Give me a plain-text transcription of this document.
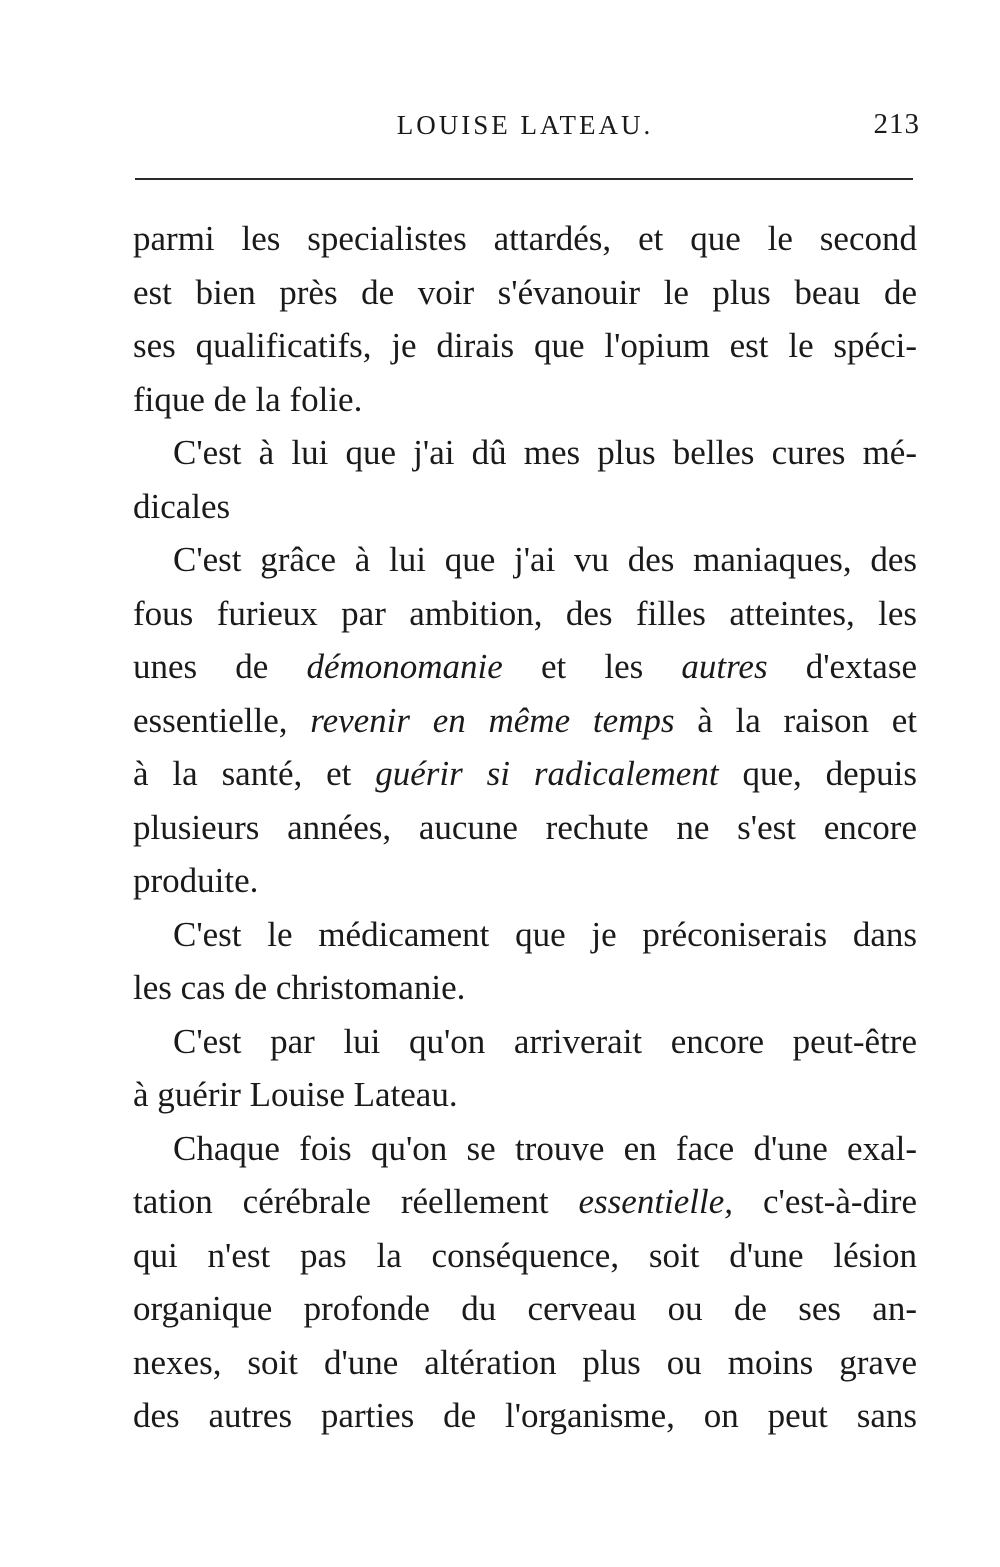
LOUISE LATEAU.	213
parmi les specialistes attardés, et que le second
est bien près de voir s'évanouir le plus beau de
ses qualificatifs, je dirais que l'opium est le spéci-
fique de la folie.
C'est à lui que j'ai dû mes plus belles cures mé-
dicales
C'est grâce à lui que j'ai vu des maniaques, des
fous furieux par ambition, des filles atteintes, les
unes de démonomanie et les autres d'extase
essentielle, revenir en même temps à la raison et
à la santé, et guérir si radicalement que, depuis
plusieurs années, aucune rechute ne s'est encore
produite.
C'est le médicament que je préconiserais dans
les cas de christomanie.
C'est par lui qu'on arriverait encore peut-être
à guérir Louise Lateau.
Chaque fois qu'on se trouve en face d'une exal-
tation cérébrale réellement essentielle, c'est-à-dire
qui n'est pas la conséquence, soit d'une lésion
organique profonde du cerveau ou de ses an-
nexes, soit d'une altération plus ou moins grave
des autres parties de l'organisme, on peut sans
